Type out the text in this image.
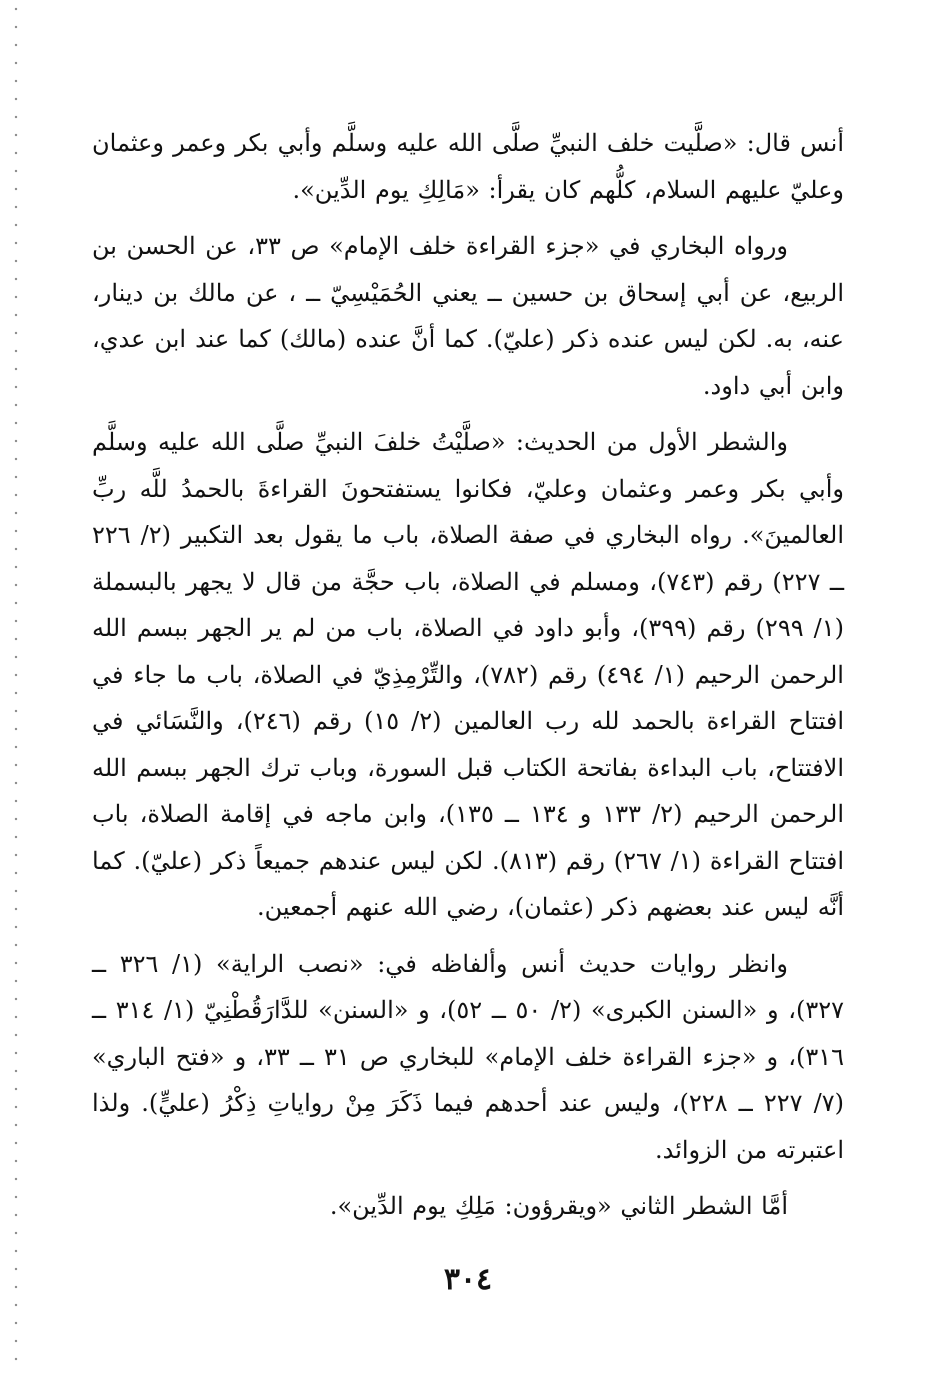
أنس قال: «صلَّيت خلف النبيِّ صلَّى الله عليه وسلَّم وأبي بكر وعمر وعثمان وعليّ عليهم السلام، كلُّهم كان يقرأ: «مَالِكِ يوم الدِّين».

ورواه البخاري في «جزء القراءة خلف الإمام» ص ٣٣، عن الحسن بن الربيع، عن أبي إسحاق بن حسين ــ يعني الحُمَيْسِيّ ــ ، عن مالك بن دينار، عنه، به. لكن ليس عنده ذكر (عليّ). كما أنَّ عنده (مالك) كما عند ابن عدي، وابن أبي داود.

والشطر الأول من الحديث: «صلَّيْتُ خلفَ النبيِّ صلَّى الله عليه وسلَّم وأبي بكر وعمر وعثمان وعليّ، فكانوا يستفتحونَ القراءةَ بالحمدُ للَّه ربِّ العالمينَ». رواه البخاري في صفة الصلاة، باب ما يقول بعد التكبير (٢/ ٢٢٦ ــ ٢٢٧) رقم (٧٤٣)، ومسلم في الصلاة، باب حجَّة من قال لا يجهر بالبسملة (١/ ٢٩٩) رقم (٣٩٩)، وأبو داود في الصلاة، باب من لم ير الجهر ببسم الله الرحمن الرحيم (١/ ٤٩٤) رقم (٧٨٢)، والتِّرْمِذِيّ في الصلاة، باب ما جاء في افتتاح القراءة بالحمد لله رب العالمين (٢/ ١٥) رقم (٢٤٦)، والنَّسَائي في الافتتاح، باب البداءة بفاتحة الكتاب قبل السورة، وباب ترك الجهر ببسم الله الرحمن الرحيم (٢/ ١٣٣ و ١٣٤ ــ ١٣٥)، وابن ماجه في إقامة الصلاة، باب افتتاح القراءة (١/ ٢٦٧) رقم (٨١٣). لكن ليس عندهم جميعاً ذكر (عليّ). كما أنَّه ليس عند بعضهم ذكر (عثمان)، رضي الله عنهم أجمعين.

وانظر روايات حديث أنس وألفاظه في: «نصب الراية» (١/ ٣٢٦ ــ ٣٢٧)، و «السنن الكبرى» (٢/ ٥٠ ــ ٥٢)، و «السنن» للدَّارَقُطْنِيّ (١/ ٣١٤ ــ ٣١٦)، و «جزء القراءة خلف الإمام» للبخاري ص ٣١ ــ ٣٣، و «فتح الباري» (٧/ ٢٢٧ ــ ٢٢٨)، وليس عند أحدهم فيما ذَكَرَ مِنْ رواياتِ ذِكْرُ (عليٍّ). ولذا اعتبرته من الزوائد.

أمَّا الشطر الثاني «ويقرؤون: مَلِكِ يوم الدِّين».

٣٠٤
